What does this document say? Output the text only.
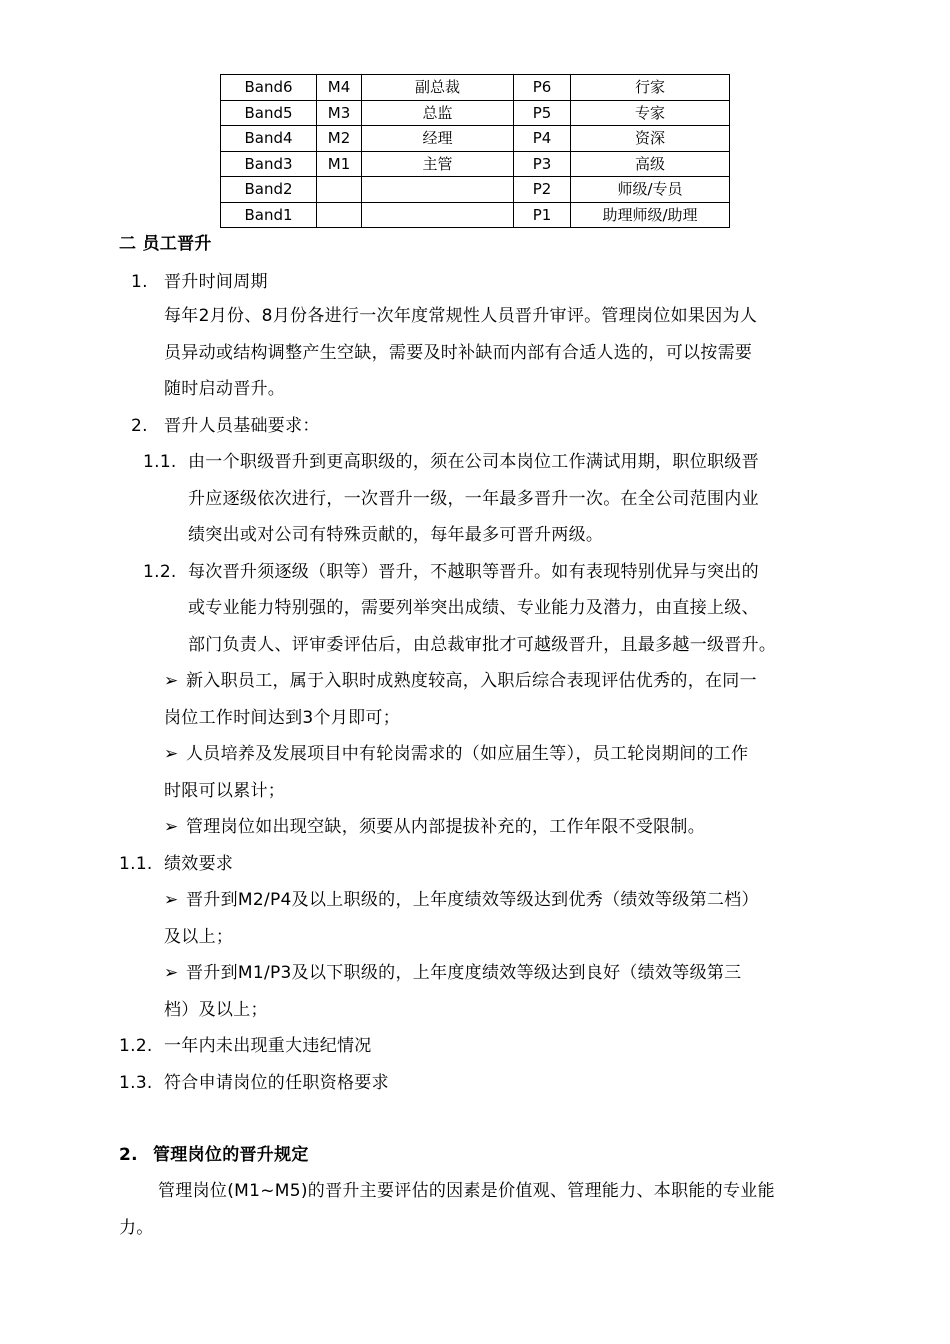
Band6	M4	副总裁	P6	行家
Band5	M3	总监	P5	专家
Band4	M2	经理	P4	资深
Band3	M1	主管	P3	高级
Band2			P2	师级/专员
Band1			P1	助理师级/助理
二 员工晋升
1. 晋升时间周期
每年2月份、8月份各进行一次年度常规性人员晋升审评。管理岗位如果因为人
员异动或结构调整产生空缺，需要及时补缺而内部有合适人选的，可以按需要
随时启动晋升。
2. 晋升人员基础要求：
1.1. 由一个职级晋升到更高职级的，须在公司本岗位工作满试用期，职位职级晋
升应逐级依次进行，一次晋升一级，一年最多晋升一次。在全公司范围内业
绩突出或对公司有特殊贡献的，每年最多可晋升两级。
1.2. 每次晋升须逐级（职等）晋升，不越职等晋升。如有表现特别优异与突出的
或专业能力特别强的，需要列举突出成绩、专业能力及潜力，由直接上级、
部门负责人、评审委评估后，由总裁审批才可越级晋升，且最多越一级晋升。
➢ 新入职员工，属于入职时成熟度较高，入职后综合表现评估优秀的，在同一
岗位工作时间达到3个月即可；
➢ 人员培养及发展项目中有轮岗需求的（如应届生等），员工轮岗期间的工作
时限可以累计；
➢ 管理岗位如出现空缺，须要从内部提拔补充的，工作年限不受限制。
1.1. 绩效要求
➢ 晋升到M2/P4及以上职级的，上年度绩效等级达到优秀（绩效等级第二档）
及以上；
➢ 晋升到M1/P3及以下职级的，上年度度绩效等级达到良好（绩效等级第三
档）及以上；
1.2. 一年内未出现重大违纪情况
1.3. 符合申请岗位的任职资格要求
2. 管理岗位的晋升规定
管理岗位(M1~M5)的晋升主要评估的因素是价值观、管理能力、本职能的专业能
力。
